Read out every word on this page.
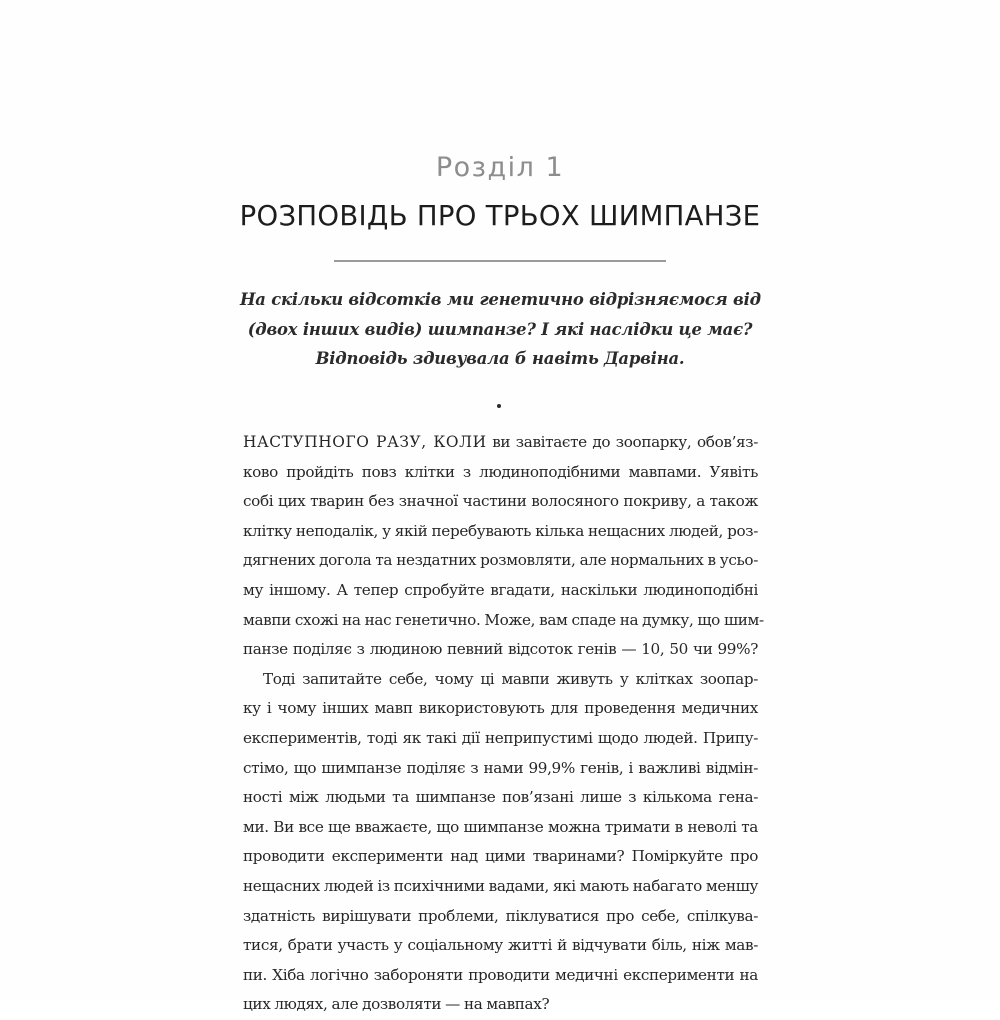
Розділ 1
РОЗПОВІДЬ ПРО ТРЬОХ ШИМПАНЗЕ
На скільки відсотків ми генетично відрізняємося від
(двох інших видів) шимпанзе? І які наслідки це має?
Відповідь здивувала б навіть Дарвіна.
НАСТУПНОГО РАЗУ, КОЛИ ви завітаєте до зоопарку, обов’яз-
ково пройдіть повз клітки з людиноподібними мавпами. Уявіть
собі цих тварин без значної частини волосяного покриву, а також
клітку неподалік, у якій перебувають кілька нещасних людей, роз-
дягнених догола та нездатних розмовляти, але нормальних в усьо-
му іншому. А тепер спробуйте вгадати, наскільки людиноподібні
мавпи схожі на нас генетично. Може, вам спаде на думку, що шим-
панзе поділяє з людиною певний відсоток генів — 10, 50 чи 99%?
Тоді запитайте себе, чому ці мавпи живуть у клітках зоопар-
ку і чому інших мавп використовують для проведення медичних
експериментів, тоді як такі дії неприпустимі щодо людей. Припу-
стімо, що шимпанзе поділяє з нами 99,9% генів, і важливі відмін-
ності між людьми та шимпанзе пов’язані лише з кількома гена-
ми. Ви все ще вважаєте, що шимпанзе можна тримати в неволі та
проводити експерименти над цими тваринами? Поміркуйте про
нещасних людей із психічними вадами, які мають набагато меншу
здатність вирішувати проблеми, піклуватися про себе, спілкува-
тися, брати участь у соціальному житті й відчувати біль, ніж мав-
пи. Хіба логічно забороняти проводити медичні експерименти на
цих людях, але дозволяти — на мавпах?
